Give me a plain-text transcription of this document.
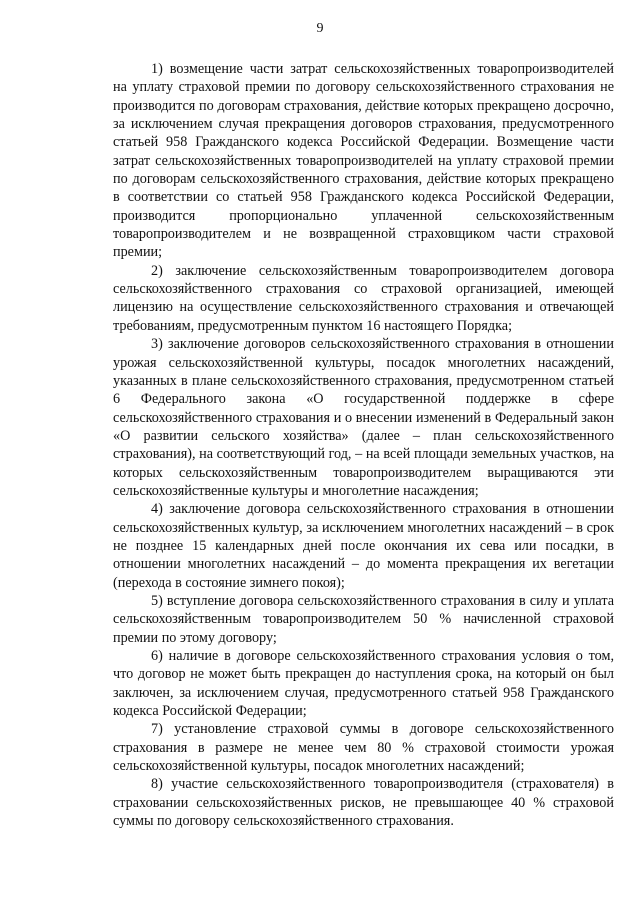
9

1) возмещение части затрат сельскохозяйственных товаропроизводителей на уплату страховой премии по договору сельскохозяйственного страхования не производится по договорам страхования, действие которых прекращено досрочно, за исключением случая прекращения договоров страхования, предусмотренного статьей 958 Гражданского кодекса Российской Федерации. Возмещение части затрат сельскохозяйственных товаропроизводителей на уплату страховой премии по договорам сельскохозяйственного страхования, действие которых прекращено в соответствии со статьей 958 Гражданского кодекса Российской Федерации, производится пропорционально уплаченной сельскохозяйственным товаропроизводителем и не возвращенной страховщиком части страховой премии;

2) заключение сельскохозяйственным товаропроизводителем договора сельскохозяйственного страхования со страховой организацией, имеющей лицензию на осуществление сельскохозяйственного страхования и отвечающей требованиям, предусмотренным пунктом 16 настоящего Порядка;

3) заключение договоров сельскохозяйственного страхования в отношении урожая сельскохозяйственной культуры, посадок многолетних насаждений, указанных в плане сельскохозяйственного страхования, предусмотренном статьей 6 Федерального закона «О государственной поддержке в сфере сельскохозяйственного страхования и о внесении изменений в Федеральный закон «О развитии сельского хозяйства» (далее – план сельскохозяйственного страхования), на соответствующий год, – на всей площади земельных участков, на которых сельскохозяйственным товаропроизводителем выращиваются эти сельскохозяйственные культуры и многолетние насаждения;

4) заключение договора сельскохозяйственного страхования в отношении сельскохозяйственных культур, за исключением многолетних насаждений – в срок не позднее 15 календарных дней после окончания их сева или посадки, в отношении многолетних насаждений – до момента прекращения их вегетации (перехода в состояние зимнего покоя);

5) вступление договора сельскохозяйственного страхования в силу и уплата сельскохозяйственным товаропроизводителем 50 % начисленной страховой премии по этому договору;

6) наличие в договоре сельскохозяйственного страхования условия о том, что договор не может быть прекращен до наступления срока, на который он был заключен, за исключением случая, предусмотренного статьей 958 Гражданского кодекса Российской Федерации;

7) установление страховой суммы в договоре сельскохозяйственного страхования в размере не менее чем 80 % страховой стоимости урожая сельскохозяйственной культуры, посадок многолетних насаждений;

8) участие сельскохозяйственного товаропроизводителя (страхователя) в страховании сельскохозяйственных рисков, не превышающее 40 % страховой суммы по договору сельскохозяйственного страхования.
